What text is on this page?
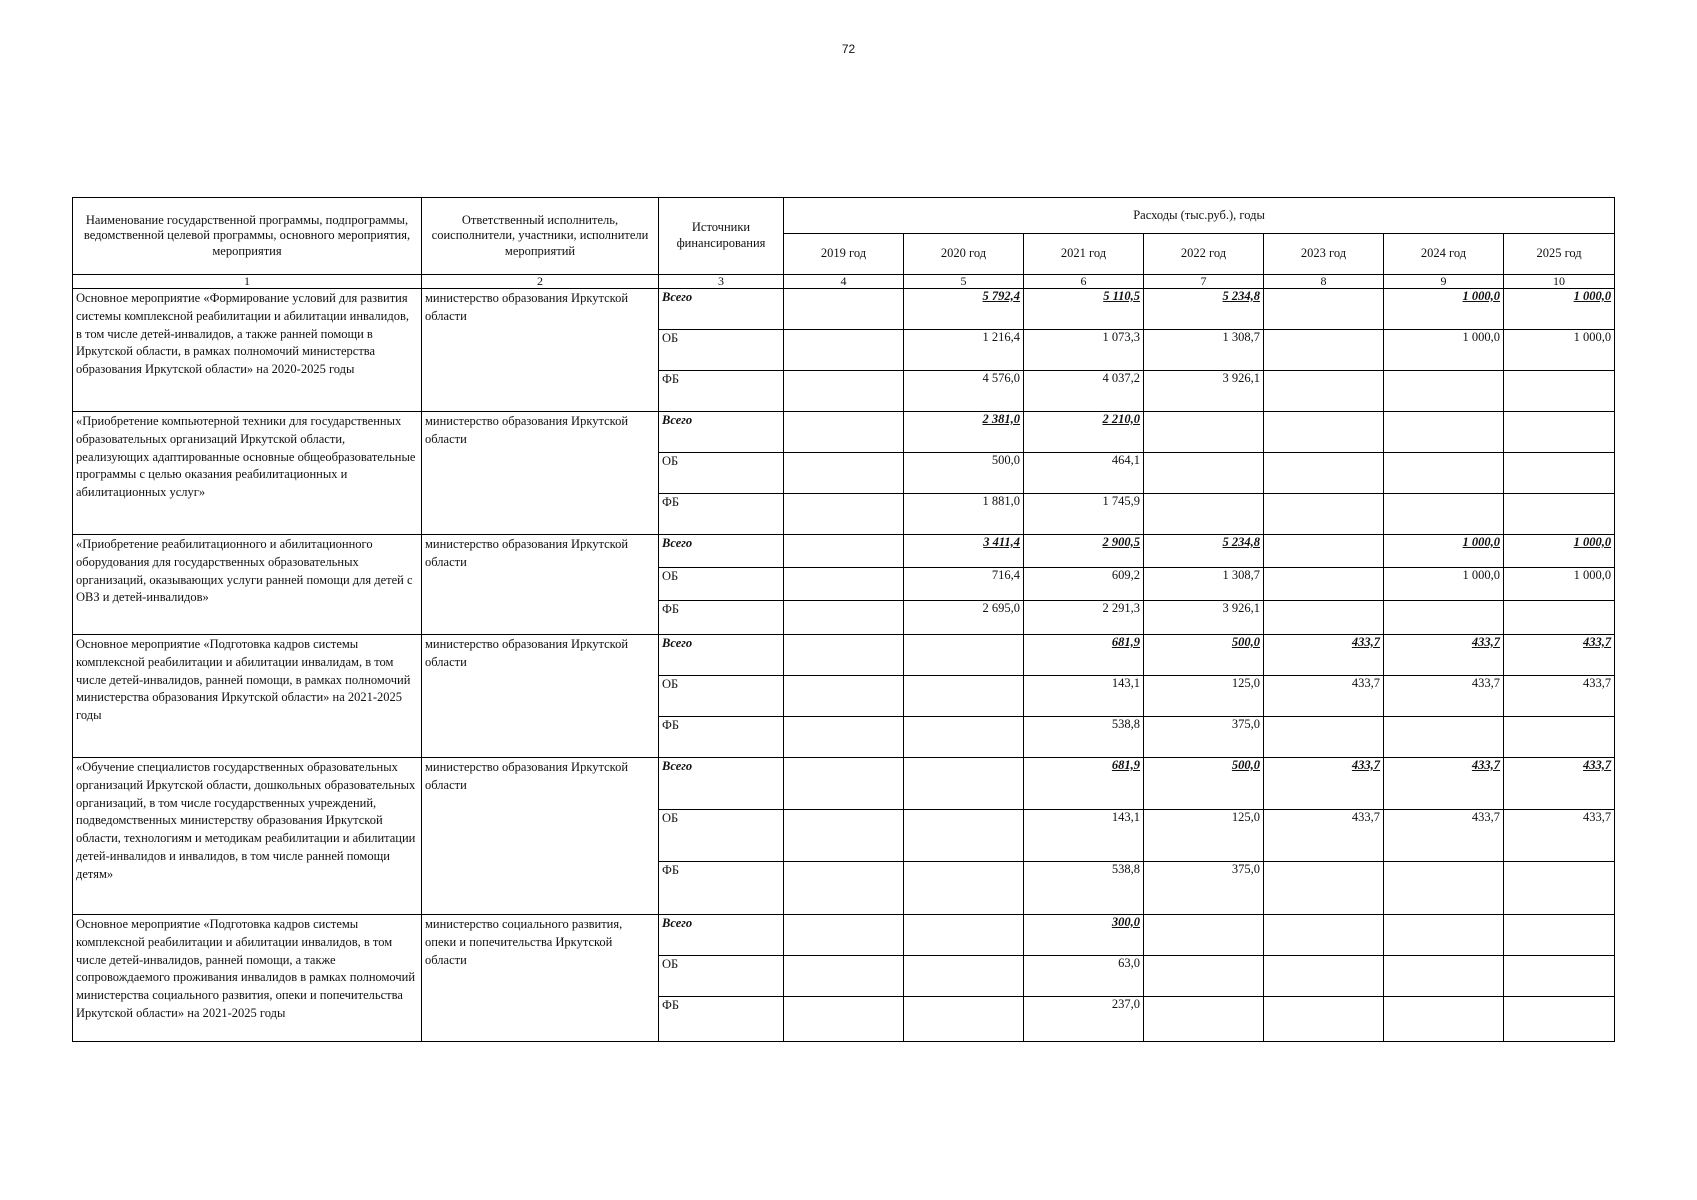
72
Наименование государственной программы, подпрограммы, ведомственной целевой программы, основного мероприятия, мероприятия	Ответственный исполнитель, соисполнители, участники, исполнители мероприятий	Источники финансирования	Расходы (тыс.руб.), годы						
			2019 год	2020 год	2021 год	2022 год	2023 год	2024 год	2025 год
1	2	3	4	5	6	7	8	9	10
Основное мероприятие «Формирование условий для развития системы комплексной реабилитации и абилитации инвалидов, в том числе детей-инвалидов, а также ранней помощи в Иркутской области, в рамках полномочий министерства образования Иркутской области» на 2020-2025 годы	министерство образования Иркутской области	Всего		5 792,4	5 110,5	5 234,8		1 000,0	1 000,0
		ОБ		1 216,4	1 073,3	1 308,7		1 000,0	1 000,0
		ФБ		4 576,0	4 037,2	3 926,1			
«Приобретение компьютерной техники для государственных образовательных организаций Иркутской области, реализующих адаптированные основные общеобразовательные программы с целью оказания реабилитационных и абилитационных услуг»	министерство образования Иркутской области	Всего		2 381,0	2 210,0				
		ОБ		500,0	464,1				
		ФБ		1 881,0	1 745,9				
«Приобретение реабилитационного и абилитационного оборудования для государственных образовательных организаций, оказывающих услуги ранней помощи для детей с ОВЗ и детей-инвалидов»	министерство образования Иркутской области	Всего		3 411,4	2 900,5	5 234,8		1 000,0	1 000,0
		ОБ		716,4	609,2	1 308,7		1 000,0	1 000,0
		ФБ		2 695,0	2 291,3	3 926,1			
Основное мероприятие «Подготовка кадров системы комплексной реабилитации и абилитации инвалидам, в том числе детей-инвалидов, ранней помощи, в рамках полномочий министерства образования Иркутской области» на 2021-2025 годы	министерство образования Иркутской области	Всего			681,9	500,0	433,7	433,7	433,7
		ОБ			143,1	125,0	433,7	433,7	433,7
		ФБ			538,8	375,0			
«Обучение специалистов государственных образовательных организаций Иркутской области, дошкольных образовательных организаций, в том числе государственных учреждений, подведомственных министерству образования Иркутской области, технологиям и методикам реабилитации и абилитации детей-инвалидов и инвалидов, в том числе ранней помощи детям»	министерство образования Иркутской области	Всего			681,9	500,0	433,7	433,7	433,7
		ОБ			143,1	125,0	433,7	433,7	433,7
		ФБ			538,8	375,0			
Основное мероприятие «Подготовка кадров системы комплексной реабилитации и абилитации инвалидов, в том числе детей-инвалидов, ранней помощи, а также сопровождаемого проживания инвалидов в рамках полномочий министерства социального развития, опеки и попечительства Иркутской области» на 2021-2025 годы	министерство социального развития, опеки и попечительства Иркутской области	Всего			300,0				
		ОБ			63,0				
		ФБ			237,0				
